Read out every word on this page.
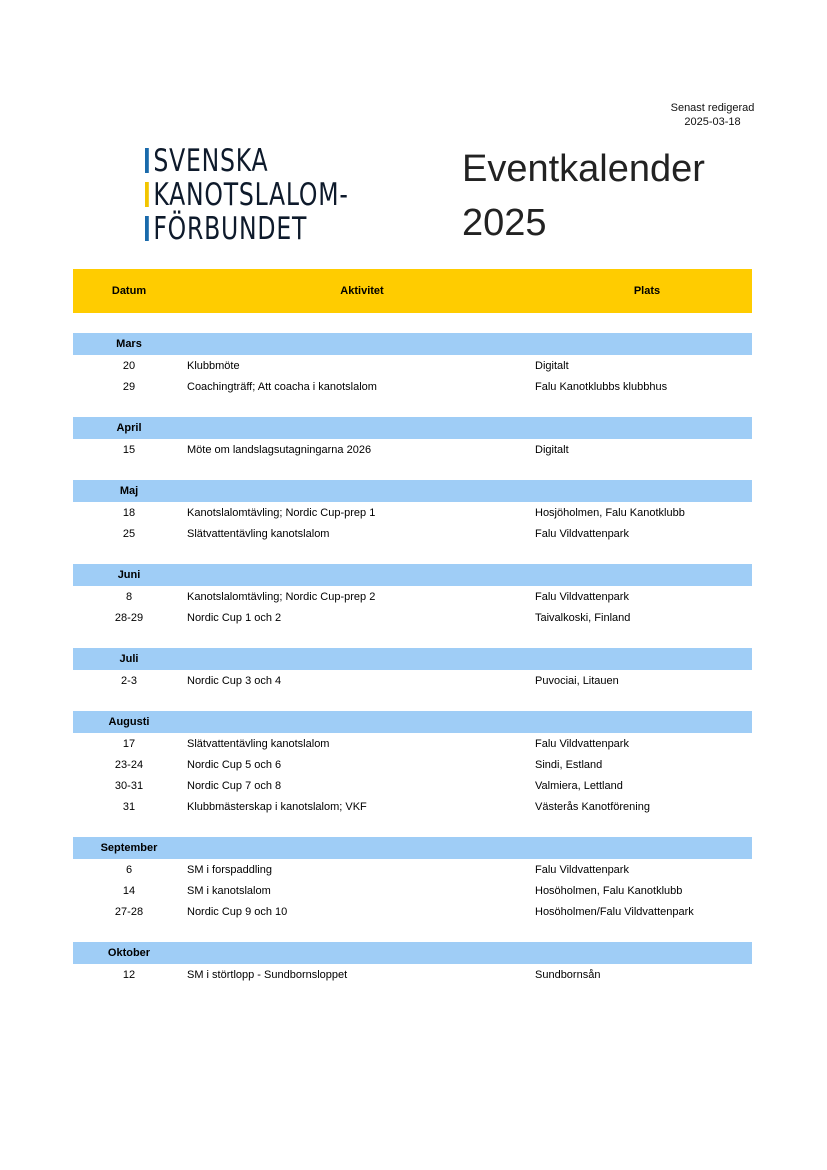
Senast redigerad
2025-03-18
SVENSKA
KANOTSLALOM-
FÖRBUNDET
Eventkalender
2025
Datum	Aktivitet	Plats
Mars
20	Klubbmöte	Digitalt
29	Coachingträff; Att coacha i kanotslalom	Falu Kanotklubbs klubbhus
April
15	Möte om landslagsutagningarna 2026	Digitalt
Maj
18	Kanotslalomtävling; Nordic Cup-prep 1	Hosjöholmen, Falu Kanotklubb
25	Slätvattentävling kanotslalom	Falu Vildvattenpark
Juni
8	Kanotslalomtävling; Nordic Cup-prep 2	Falu Vildvattenpark
28-29	Nordic Cup 1 och 2	Taivalkoski, Finland
Juli
2-3	Nordic Cup 3 och 4	Puvociai, Litauen
Augusti
17	Slätvattentävling kanotslalom	Falu Vildvattenpark
23-24	Nordic Cup 5 och 6	Sindi, Estland
30-31	Nordic Cup 7 och 8	Valmiera, Lettland
31	Klubbmästerskap i kanotslalom; VKF	Västerås Kanotförening
September
6	SM i forspaddling	Falu Vildvattenpark
14	SM i kanotslalom	Hosöholmen, Falu Kanotklubb
27-28	Nordic Cup 9 och 10	Hosöholmen/Falu Vildvattenpark
Oktober
12	SM i störtlopp - Sundbornsloppet	Sundbornsån
